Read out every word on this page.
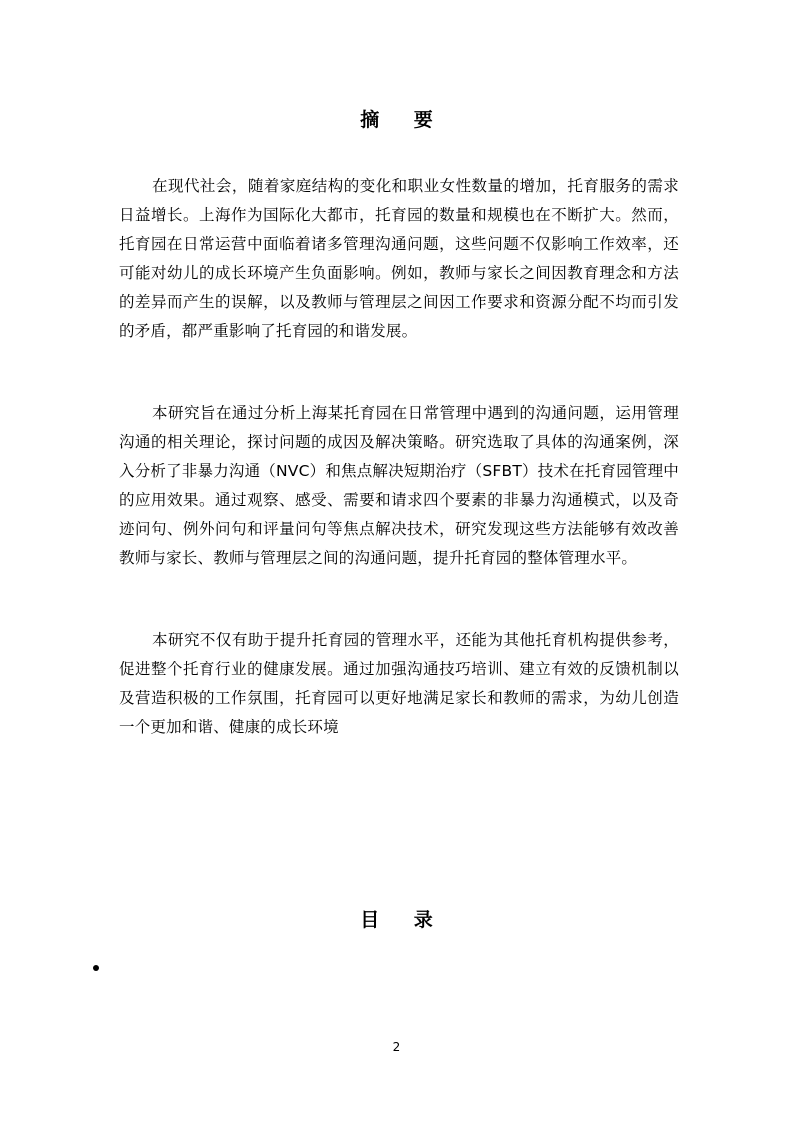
摘 要

在现代社会，随着家庭结构的变化和职业女性数量的增加，托育服务的需求日益增长。上海作为国际化大都市，托育园的数量和规模也在不断扩大。然而，托育园在日常运营中面临着诸多管理沟通问题，这些问题不仅影响工作效率，还可能对幼儿的成长环境产生负面影响。例如，教师与家长之间因教育理念和方法的差异而产生的误解，以及教师与管理层之间因工作要求和资源分配不均而引发的矛盾，都严重影响了托育园的和谐发展。

本研究旨在通过分析上海某托育园在日常管理中遇到的沟通问题，运用管理沟通的相关理论，探讨问题的成因及解决策略。研究选取了具体的沟通案例，深入分析了非暴力沟通（NVC）和焦点解决短期治疗（SFBT）技术在托育园管理中的应用效果。通过观察、感受、需要和请求四个要素的非暴力沟通模式，以及奇迹问句、例外问句和评量问句等焦点解决技术，研究发现这些方法能够有效改善教师与家长、教师与管理层之间的沟通问题，提升托育园的整体管理水平。

本研究不仅有助于提升托育园的管理水平，还能为其他托育机构提供参考，促进整个托育行业的健康发展。通过加强沟通技巧培训、建立有效的反馈机制以及营造积极的工作氛围，托育园可以更好地满足家长和教师的需求，为幼儿创造一个更加和谐、健康的成长环境

目 录
2
